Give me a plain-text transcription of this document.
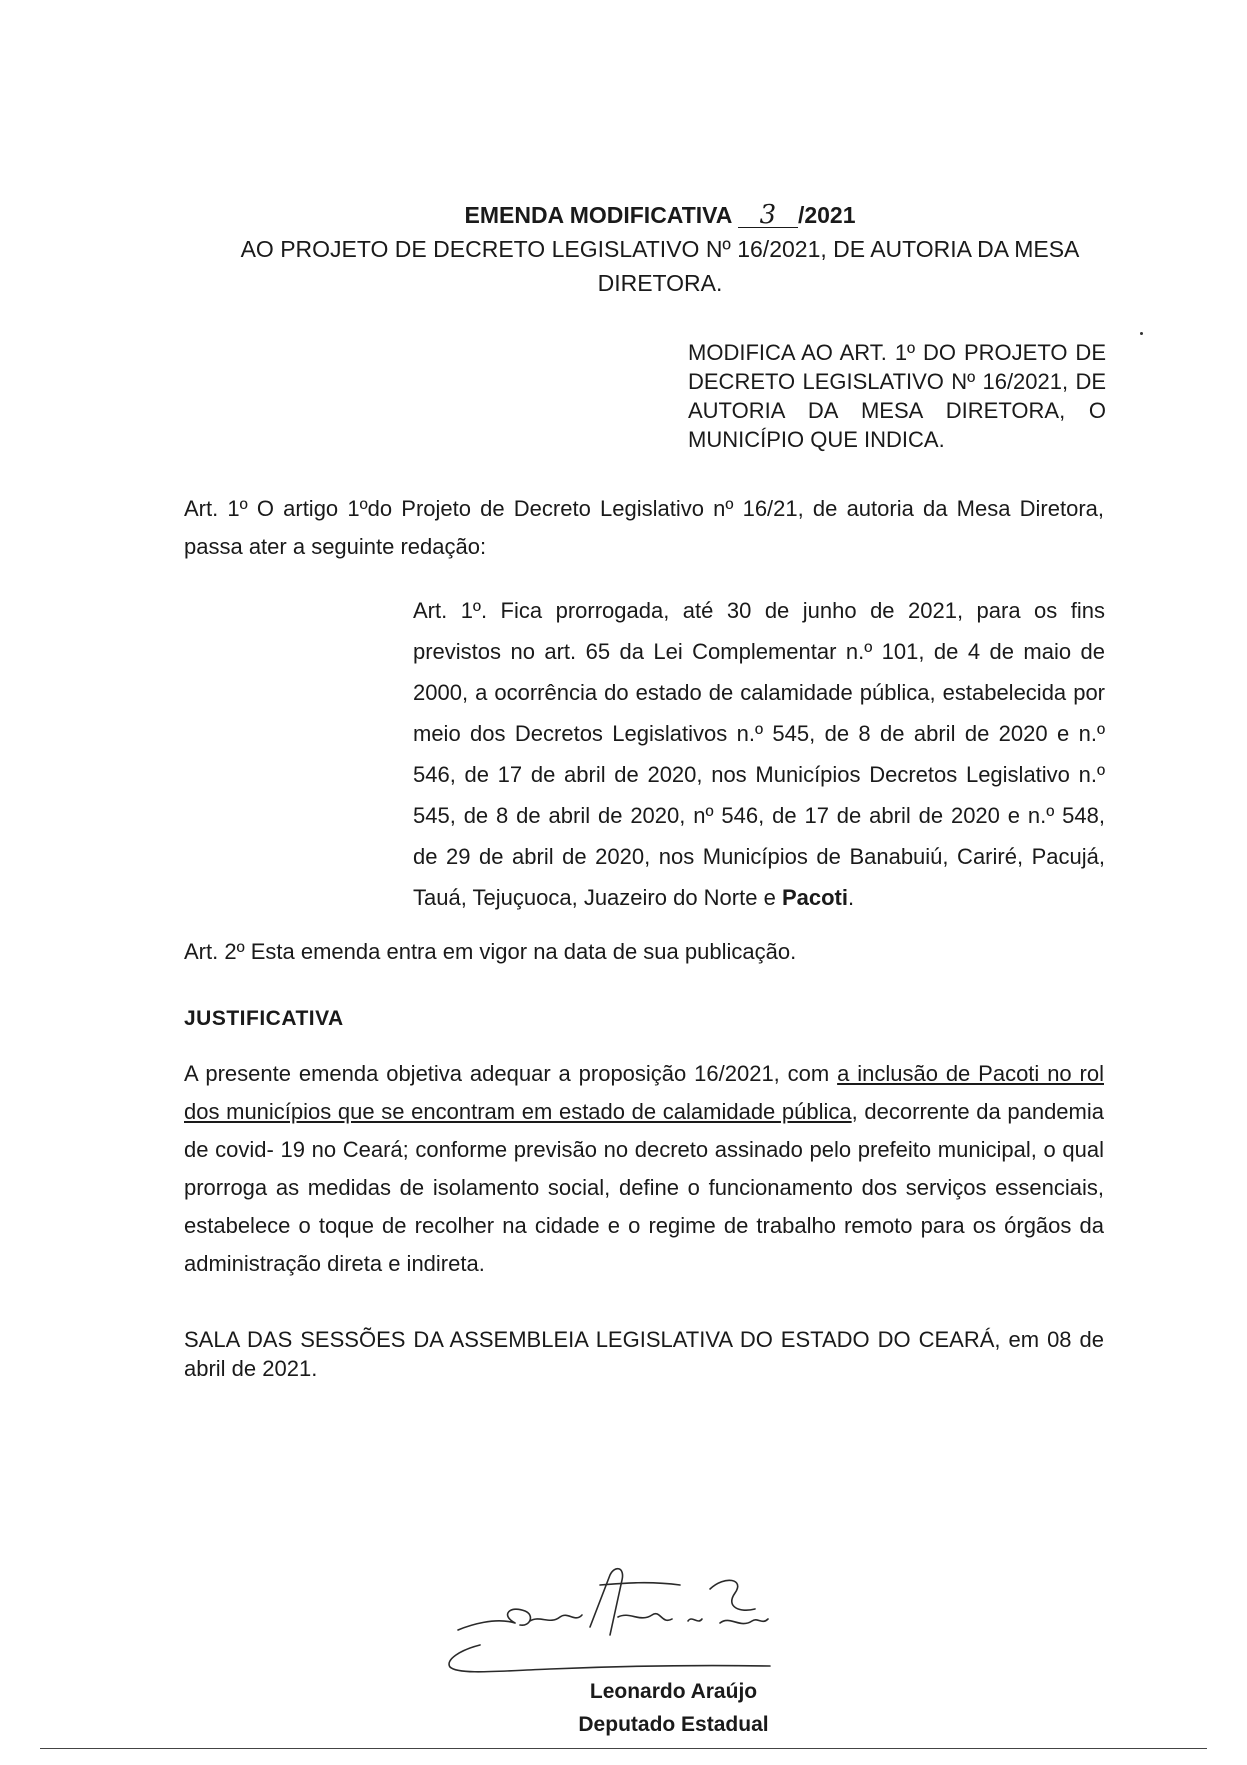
EMENDA MODIFICATIVA 3 /2021
AO PROJETO DE DECRETO LEGISLATIVO Nº 16/2021, DE AUTORIA DA MESA DIRETORA.
MODIFICA AO ART. 1º DO PROJETO DE DECRETO LEGISLATIVO Nº 16/2021, DE AUTORIA DA MESA DIRETORA, O MUNICÍPIO QUE INDICA.
Art. 1º O artigo 1ºdo Projeto de Decreto Legislativo nº 16/21, de autoria da Mesa Diretora, passa ater a seguinte redação:
Art. 1º. Fica prorrogada, até 30 de junho de 2021, para os fins previstos no art. 65 da Lei Complementar n.º 101, de 4 de maio de 2000, a ocorrência do estado de calamidade pública, estabelecida por meio dos Decretos Legislativos n.º 545, de 8 de abril de 2020 e n.º 546, de 17 de abril de 2020, nos Municípios Decretos Legislativo n.º 545, de 8 de abril de 2020, nº 546, de 17 de abril de 2020 e n.º 548, de 29 de abril de 2020, nos Municípios de Banabuiú, Cariré, Pacujá, Tauá, Tejuçuoca, Juazeiro do Norte e Pacoti.
Art. 2º Esta emenda entra em vigor na data de sua publicação.
JUSTIFICATIVA
A presente emenda objetiva adequar a proposição 16/2021, com a inclusão de Pacoti no rol dos municípios que se encontram em estado de calamidade pública, decorrente da pandemia de covid- 19 no Ceará; conforme previsão no decreto assinado pelo prefeito municipal, o qual prorroga as medidas de isolamento social, define o funcionamento dos serviços essenciais, estabelece o toque de recolher na cidade e o regime de trabalho remoto para os órgãos da administração direta e indireta.
SALA DAS SESSÕES DA ASSEMBLEIA LEGISLATIVA DO ESTADO DO CEARÁ, em 08 de abril de 2021.
Leonardo Araújo
Deputado Estadual
